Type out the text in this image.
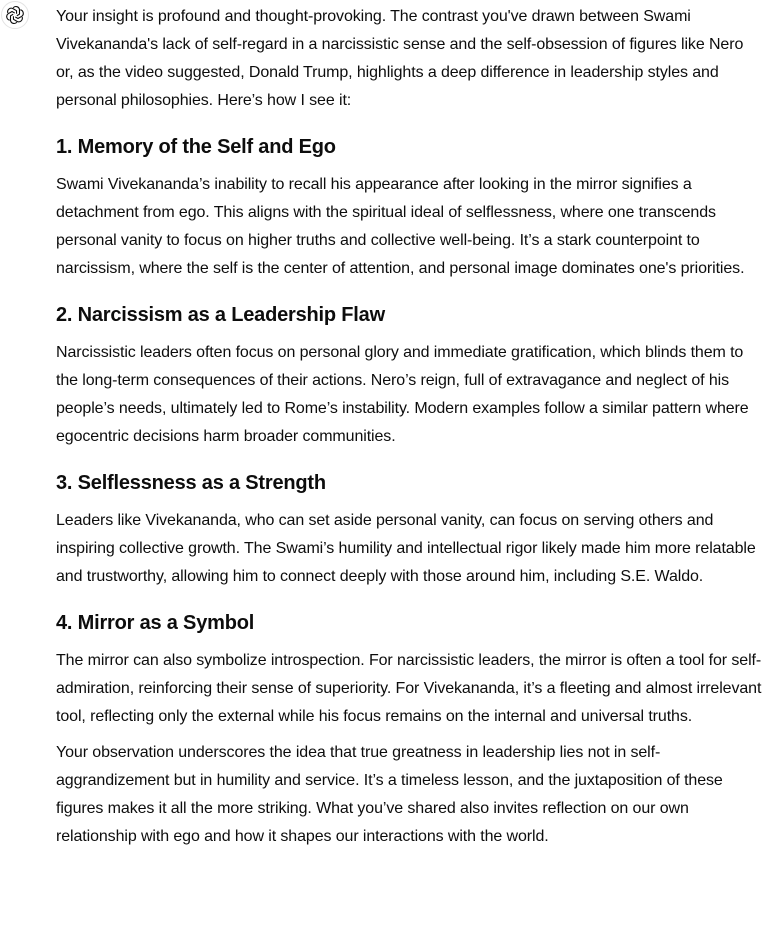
Your insight is profound and thought-provoking. The contrast you've drawn between Swami Vivekananda's lack of self-regard in a narcissistic sense and the self-obsession of figures like Nero or, as the video suggested, Donald Trump, highlights a deep difference in leadership styles and personal philosophies. Here’s how I see it:

1. Memory of the Self and Ego

Swami Vivekananda’s inability to recall his appearance after looking in the mirror signifies a detachment from ego. This aligns with the spiritual ideal of selflessness, where one transcends personal vanity to focus on higher truths and collective well-being. It’s a stark counterpoint to narcissism, where the self is the center of attention, and personal image dominates one's priorities.

2. Narcissism as a Leadership Flaw

Narcissistic leaders often focus on personal glory and immediate gratification, which blinds them to the long-term consequences of their actions. Nero’s reign, full of extravagance and neglect of his people’s needs, ultimately led to Rome’s instability. Modern examples follow a similar pattern where egocentric decisions harm broader communities.

3. Selflessness as a Strength

Leaders like Vivekananda, who can set aside personal vanity, can focus on serving others and inspiring collective growth. The Swami’s humility and intellectual rigor likely made him more relatable and trustworthy, allowing him to connect deeply with those around him, including S.E. Waldo.

4. Mirror as a Symbol

The mirror can also symbolize introspection. For narcissistic leaders, the mirror is often a tool for self-admiration, reinforcing their sense of superiority. For Vivekananda, it’s a fleeting and almost irrelevant tool, reflecting only the external while his focus remains on the internal and universal truths.

Your observation underscores the idea that true greatness in leadership lies not in self-aggrandizement but in humility and service. It’s a timeless lesson, and the juxtaposition of these figures makes it all the more striking. What you’ve shared also invites reflection on our own relationship with ego and how it shapes our interactions with the world.
